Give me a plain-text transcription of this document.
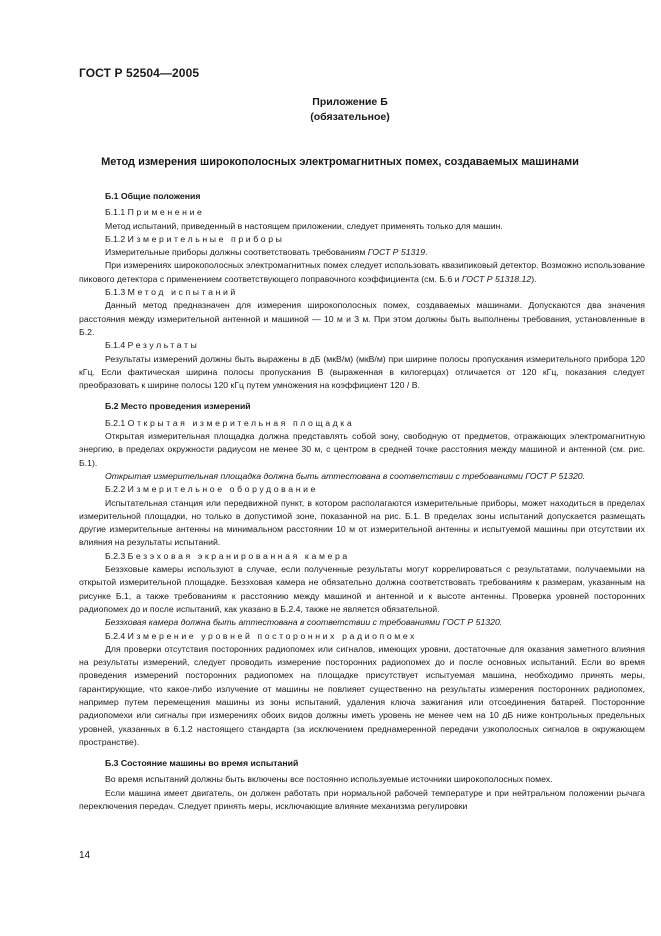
ГОСТ Р 52504—2005
Приложение Б
(обязательное)
Метод измерения широкополосных электромагнитных помех, создаваемых машинами

Б.1 Общие положения

Б.1.1 Применение

Метод испытаний, приведенный в настоящем приложении, следует применять только для машин.

Б.1.2 Измерительные приборы

Измерительные приборы должны соответствовать требованиям ГОСТ Р 51319.

При измерениях широкополосных электромагнитных помех следует использовать квазипиковый детектор. Возможно использование пикового детектора с применением соответствующего поправочного коэффициента (см. Б.6 и ГОСТ Р 51318.12).

Б.1.3 Метод испытаний

Данный метод предназначен для измерения широкополосных помех, создаваемых машинами. Допускаются два значения расстояния между измерительной антенной и машиной — 10 м и 3 м. При этом должны быть выполнены требования, установленные в Б.2.

Б.1.4 Результаты

Результаты измерений должны быть выражены в дБ (мкВ/м) (мкВ/м) при ширине полосы пропускания измерительного прибора 120 кГц. Если фактическая ширина полосы пропускания В (выраженная в килогерцах) отличается от 120 кГц, показания следует преобразовать к ширине полосы 120 кГц путем умножения на коэффициент 120 / В.

Б.2 Место проведения измерений

Б.2.1 Открытая измерительная площадка

Открытая измерительная площадка должна представлять собой зону, свободную от предметов, отражающих электромагнитную энергию, в пределах окружности радиусом не менее 30 м, с центром в средней точке расстояния между машиной и антенной (см. рис. Б.1).

Открытая измерительная площадка должна быть аттестована в соответствии с требованиями ГОСТ Р 51320.

Б.2.2 Измерительное оборудование

Испытательная станция или передвижной пункт, в котором располагаются измерительные приборы, может находиться в пределах измерительной площадки, но только в допустимой зоне, показанной на рис. Б.1. В пределах зоны испытаний допускается размещать другие измерительные антенны на минимальном расстоянии 10 м от измерительной антенны и испытуемой машины при отсутствии их влияния на результаты испытаний.

Б.2.3 Безэховая экранированная камера

Безэховые камеры используют в случае, если полученные результаты могут коррелироваться с результатами, получаемыми на открытой измерительной площадке. Безэховая камера не обязательно должна соответствовать требованиям к размерам, указанным на рисунке Б.1, а также требованиям к расстоянию между машиной и антенной и к высоте антенны. Проверка уровней посторонних радиопомех до и после испытаний, как указано в Б.2.4, также не является обязательной.

Безэховая камера должна быть аттестована в соответствии с требованиями ГОСТ Р 51320.

Б.2.4 Измерение уровней посторонних радиопомех

Для проверки отсутствия посторонних радиопомех или сигналов, имеющих уровни, достаточные для оказания заметного влияния на результаты измерений, следует проводить измерение посторонних радиопомех до и после основных испытаний. Если во время проведения измерений посторонних радиопомех на площадке присутствует испытуемая машина, необходимо принять меры, гарантирующие, что какое-либо излучение от машины не повлияет существенно на результаты измерения посторонних радиопомех, например путем перемещения машины из зоны испытаний, удаления ключа зажигания или отсоединения батарей. Посторонние радиопомехи или сигналы при измерениях обоих видов должны иметь уровень не менее чем на 10 дБ ниже контрольных предельных уровней, указанных в 6.1.2 настоящего стандарта (за исключением преднамеренной передачи узкополосных сигналов в окружающем пространстве).

Б.3 Состояние машины во время испытаний

Во время испытаний должны быть включены все постоянно используемые источники широкополосных помех.

Если машина имеет двигатель, он должен работать при нормальной рабочей температуре и при нейтральном положении рычага переключения передач. Следует принять меры, исключающие влияние механизма регулировки

14
